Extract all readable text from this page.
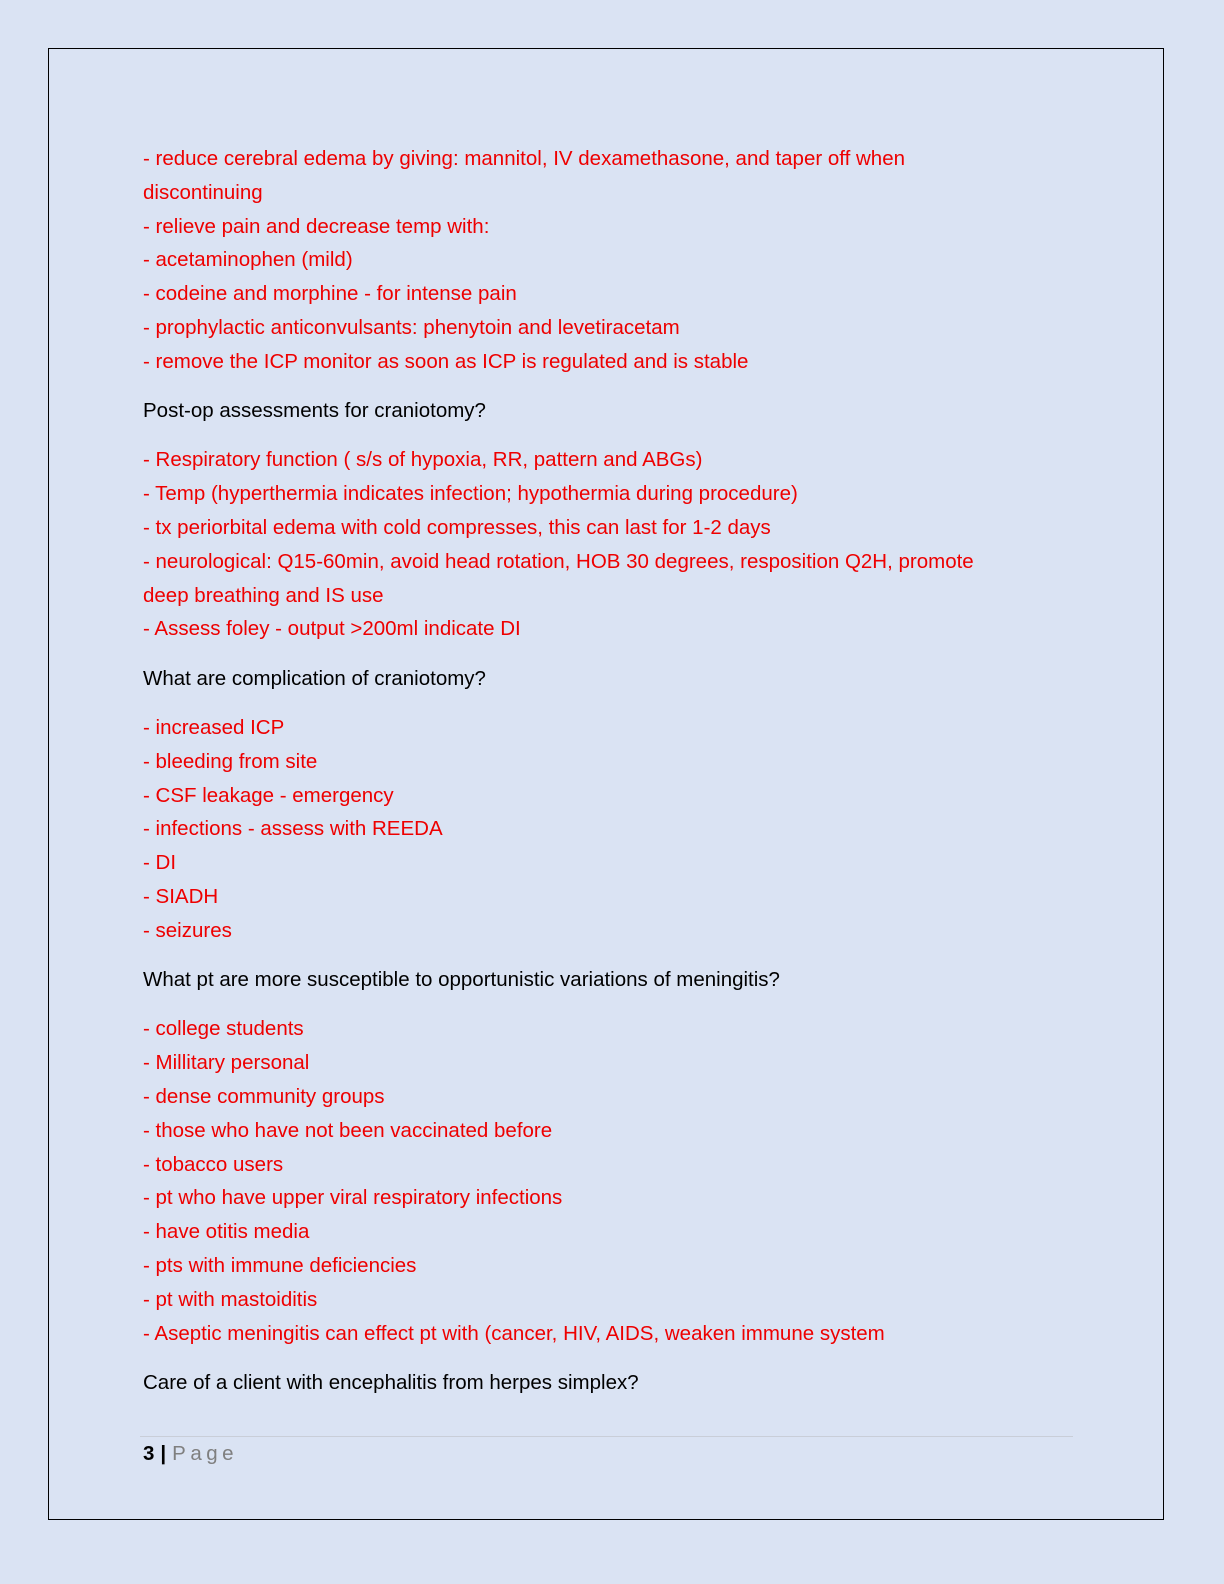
- reduce cerebral edema by giving: mannitol, IV dexamethasone, and taper off when
discontinuing
- relieve pain and decrease temp with:
- acetaminophen (mild)
- codeine and morphine - for intense pain
- prophylactic anticonvulsants: phenytoin and levetiracetam
- remove the ICP monitor as soon as ICP is regulated and is stable
Post-op assessments for craniotomy?
- Respiratory function ( s/s of hypoxia, RR, pattern and ABGs)
- Temp (hyperthermia indicates infection; hypothermia during procedure)
- tx periorbital edema with cold compresses, this can last for 1-2 days
- neurological: Q15-60min, avoid head rotation, HOB 30 degrees, resposition Q2H, promote
deep breathing and IS use
- Assess foley - output >200ml indicate DI
What are complication of craniotomy?
- increased ICP
- bleeding from site
- CSF leakage - emergency
- infections - assess with REEDA
- DI
- SIADH
- seizures
What pt are more susceptible to opportunistic variations of meningitis?
- college students
- Millitary personal
- dense community groups
- those who have not been vaccinated before
- tobacco users
- pt who have upper viral respiratory infections
- have otitis media
- pts with immune deficiencies
- pt with mastoiditis
- Aseptic meningitis can effect pt with (cancer, HIV, AIDS, weaken immune system
Care of a client with encephalitis from herpes simplex?
3 | Page
